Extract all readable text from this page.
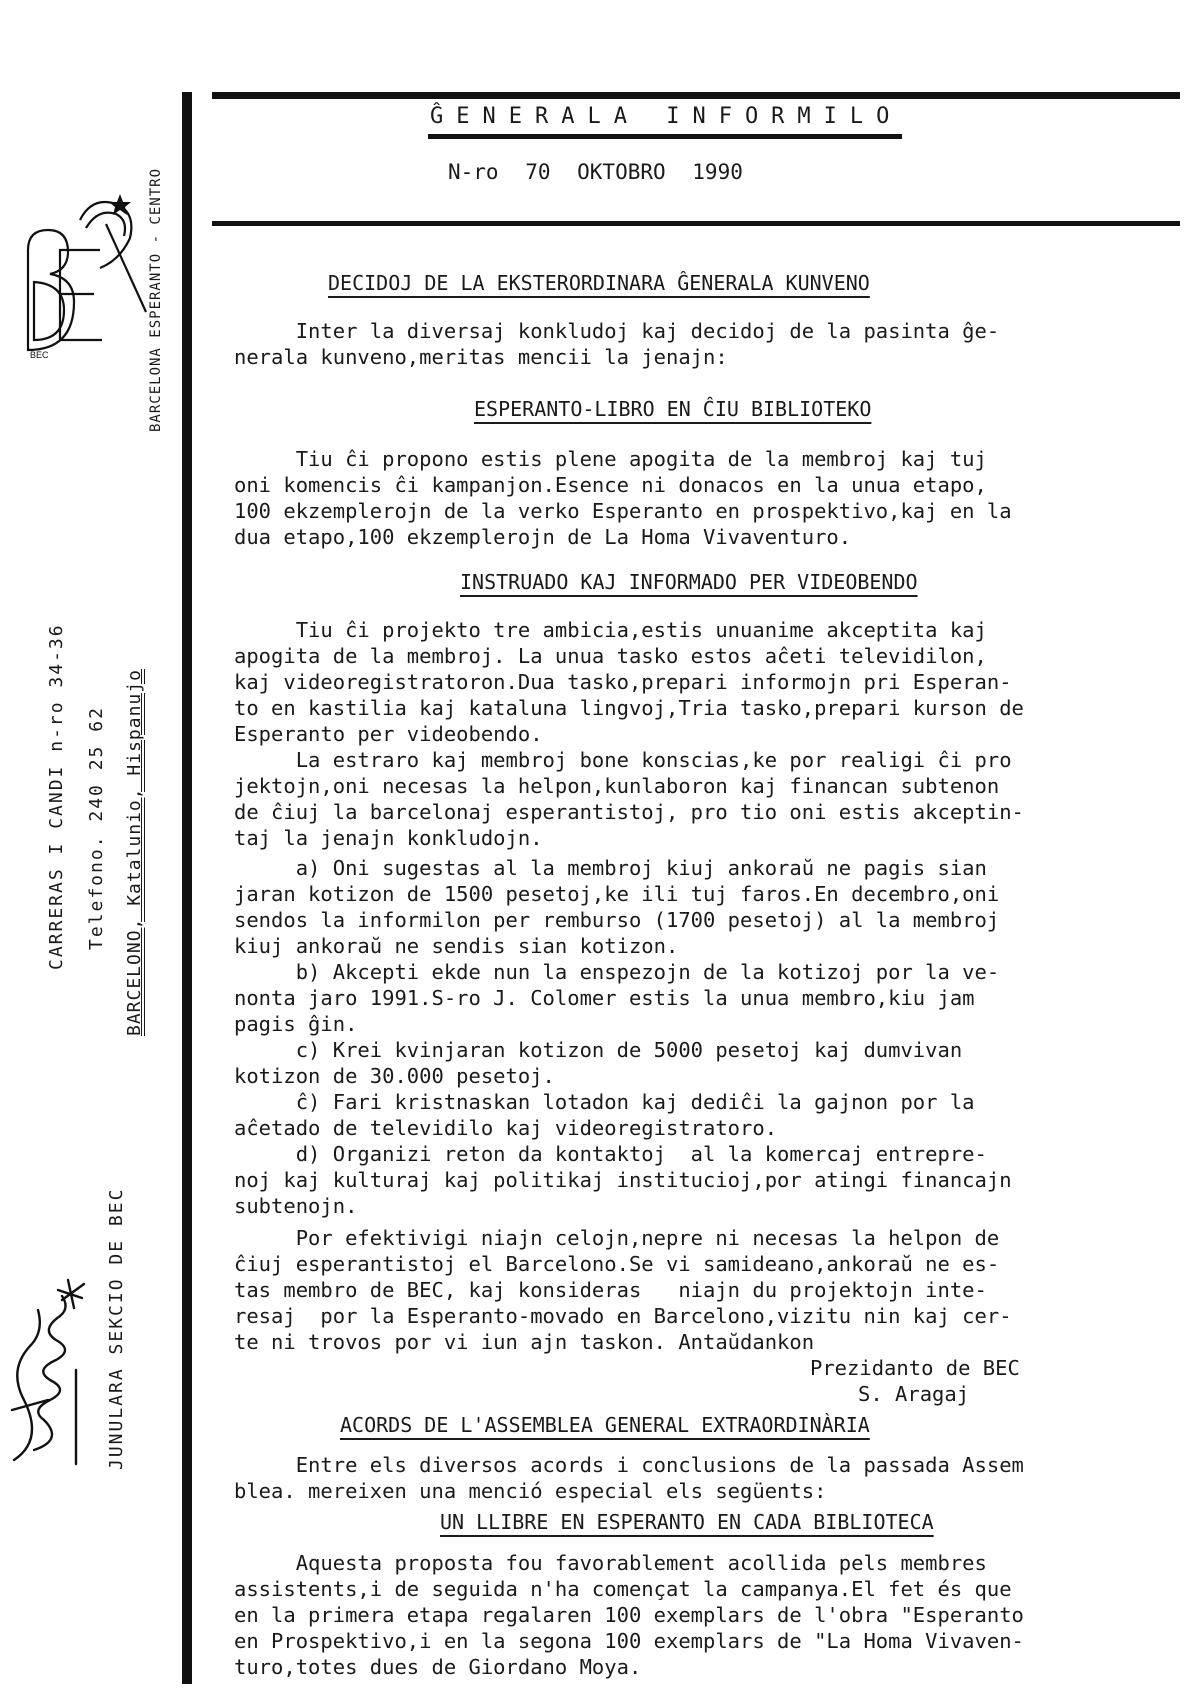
BEC	BARCELONA ESPERANTO - CENTRO
CARRERAS I CANDI n-ro 34-36 Telefono. 240 25 62 BARCELONO, Katalunio, Hispanujo
JUNULARA SEKCIO DE BEC
ĜENERALA INFORMILO
N-ro 70 OKTOBRO 1990
DECIDOJ DE LA EKSTERORDINARA ĜENERALA KUNVENO
Inter la diversaj konkludoj kaj decidoj de la pasinta ĝe-
nerala kunveno,meritas mencii la jenajn:
ESPERANTO-LIBRO EN ĈIU BIBLIOTEKO
Tiu ĉi propono estis plene apogita de la membroj kaj tuj
oni komencis ĉi kampanjon.Esence ni donacos en la unua etapo,
100 ekzemplerojn de la verko Esperanto en prospektivo,kaj en la
dua etapo,100 ekzemplerojn de La Homa Vivaventuro.
INSTRUADO KAJ INFORMADO PER VIDEOBENDO
Tiu ĉi projekto tre ambicia,estis unuanime akceptita kaj
apogita de la membroj. La unua tasko estos aĉeti televidilon,
kaj videoregistratoron.Dua tasko,prepari informojn pri Esperan-
to en kastilia kaj kataluna lingvoj,Tria tasko,prepari kurson de
Esperanto per videobendo.
La estraro kaj membroj bone konscias,ke por realigi ĉi pro
jektojn,oni necesas la helpon,kunlaboron kaj financan subtenon
de ĉiuj la barcelonaj esperantistoj, pro tio oni estis akceptin-
taj la jenajn konkludojn.
a) Oni sugestas al la membroj kiuj ankoraŭ ne pagis sian
jaran kotizon de 1500 pesetoj,ke ili tuj faros.En decembro,oni
sendos la informilon per rembursо (1700 pesetoj) al la membroj
kiuj ankoraŭ ne sendis sian kotizon.
b) Akcepti ekde nun la enspezojn de la kotizoj por la ve-
nonta jaro 1991.S-ro J. Colomer estis la unua membro,kiu jam
pagis ĝin.
c) Krei kvinjaran kotizon de 5000 pesetoj kaj dumvivan
kotizon de 30.000 pesetoj.
ĉ) Fari kristnaskan lotadon kaj dediĉi la gajnon por la
aĉetado de televidilo kaj videoregistratoro.
d) Organizi reton da kontaktoj  al la komercaj entrepre-
noj kaj kulturaj kaj politikaj institucioj,por atingi financajn
subtenojn.
Por efektivigi niajn celojn,nepre ni necesas la helpon de
ĉiuj esperantistoj el Barcelono.Se vi samideano,ankoraŭ ne es-
tas membro de BEC, kaj konsideras   niajn du projektojn inte-
resaj  por la Esperanto-movado en Barcelono,vizitu nin kaj cer-
te ni trovos por vi iun ajn taskon. Antaŭdankon
Prezidanto de BEC
S. Aragaj
ACORDS DE L'ASSEMBLEA GENERAL EXTRAORDINÀRIA
Entre els diversos acords i conclusions de la passada Assem
blea. mereixen una menció especial els següents:
UN LLIBRE EN ESPERANTO EN CADA BIBLIOTECA
Aquesta proposta fou favorablement acollida pels membres
assistents,i de seguida n'ha començat la campanya.El fet és que
en la primera etapa regalaren 100 exemplars de l'obra "Esperanto
en Prospektivo,i en la segona 100 exemplars de "La Homa Vivaven-
turo,totes dues de Giordano Moya.
